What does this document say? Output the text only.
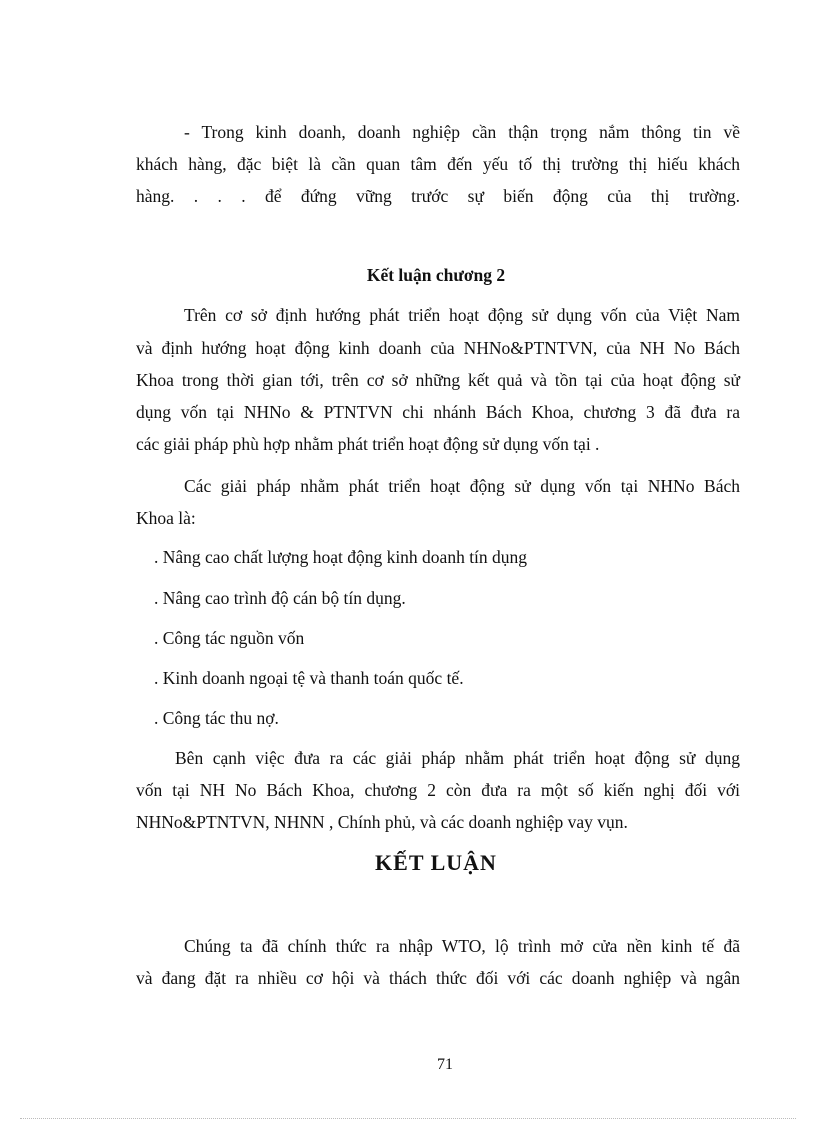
- Trong kinh doanh, doanh nghiệp cần thận trọng nắm thông tin về
khách hàng, đặc biệt là cần quan tâm đến yếu tố thị trường thị hiếu khách
hàng. . . . để đứng vững trước sự biến động của thị trường.
Kết luận chương 2
Trên cơ sở định hướng phát triển hoạt động sử dụng vốn của Việt Nam
và định hướng hoạt động kinh doanh của NHNo&PTNTVN, của NH No Bách
Khoa trong thời gian tới, trên cơ sở những kết quả và tồn tại của hoạt động sử
dụng vốn tại NHNo & PTNTVN chi nhánh Bách Khoa, chương 3 đã đưa ra
các giải pháp phù hợp nhằm phát triển hoạt động sử dụng vốn tại .
Các giải pháp nhằm phát triển hoạt động sử dụng vốn tại NHNo Bách
Khoa là:
. Nâng cao chất lượng hoạt động kinh doanh tín dụng
. Nâng cao trình độ cán bộ tín dụng.
. Công tác nguồn vốn
. Kinh doanh ngoại tệ và thanh toán quốc tế.
. Công tác thu nợ.
Bên cạnh việc đưa ra các giải pháp nhằm phát triển hoạt động sử dụng
vốn tại NH No Bách Khoa, chương 2 còn đưa ra một số kiến nghị đối với
NHNo&PTNTVN, NHNN , Chính phủ, và các doanh nghiệp vay vụn.
KẾT LUẬN
Chúng ta đã chính thức ra nhập WTO, lộ trình mở cửa nền kinh tế đã
và đang đặt ra nhiều cơ hội và thách thức đối với các doanh nghiệp và ngân
71
